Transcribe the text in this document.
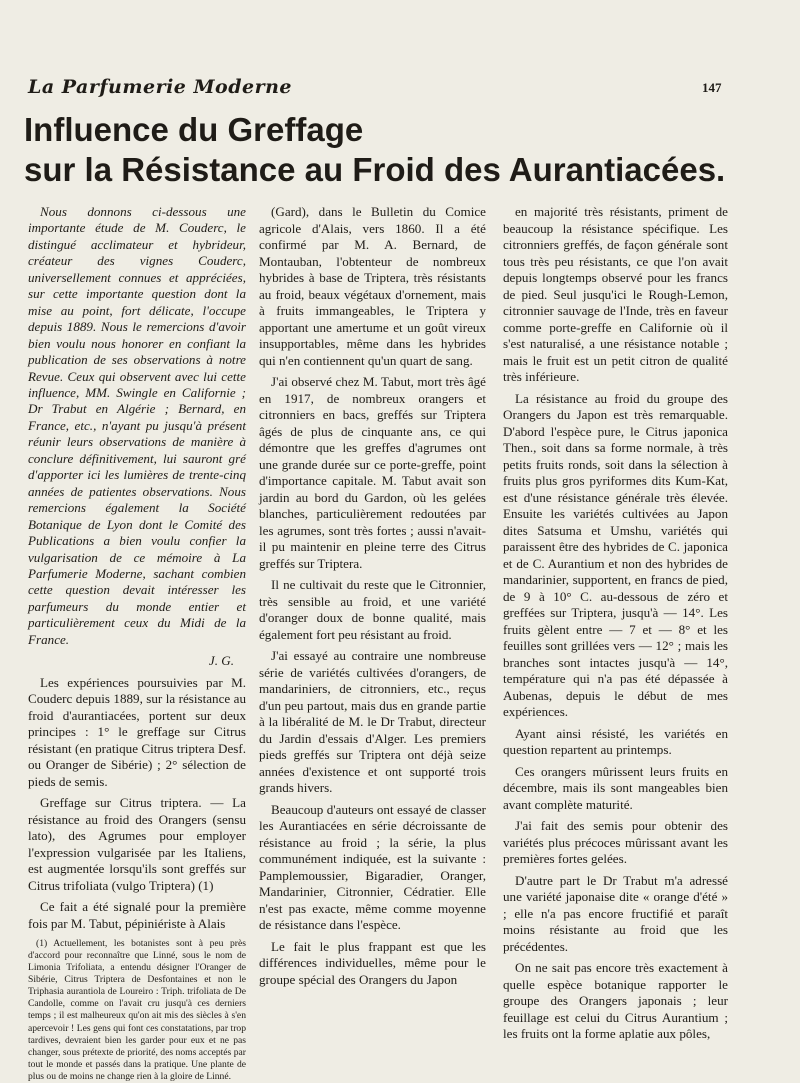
La Parfumerie Moderne	147
Influence du Greffage
sur la Résistance au Froid des Aurantiacées.

Nous donnons ci-dessous une importante étude de M. Couderc, le distingué acclimateur et hybrideur, créateur des vignes Couderc, universellement connues et appréciées, sur cette importante question dont la mise au point, fort délicate, l'occupe depuis 1889. Nous le remercions d'avoir bien voulu nous honorer en confiant la publication de ses observations à notre Revue. Ceux qui observent avec lui cette influence, MM. Swingle en Californie ; Dr Trabut en Algérie ; Bernard, en France, etc., n'ayant pu jusqu'à présent réunir leurs observations de manière à conclure définitivement, lui sauront gré d'apporter ici les lumières de trente-cinq années de patientes observations. Nous remercions également la Société Botanique de Lyon dont le Comité des Publications a bien voulu confier la vulgarisation de ce mémoire à La Parfumerie Moderne, sachant combien cette question devait intéresser les parfumeurs du monde entier et particulièrement ceux du Midi de la France.

J. G.

Les expériences poursuivies par M. Couderc depuis 1889, sur la résistance au froid d'aurantiacées, portent sur deux principes : 1° le greffage sur Citrus résistant (en pratique Citrus triptera Desf. ou Oranger de Sibérie) ; 2° sélection de pieds de semis.

Greffage sur Citrus triptera. — La résistance au froid des Orangers (sensu lato), des Agrumes pour employer l'expression vulgarisée par les Italiens, est augmentée lorsqu'ils sont greffés sur Citrus trifoliata (vulgo Triptera) (1)

Ce fait a été signalé pour la première fois par M. Tabut, pépiniériste à Alais

(1) Actuellement, les botanistes sont à peu près d'accord pour reconnaître que Linné, sous le nom de Limonia Trifoliata, a entendu désigner l'Oranger de Sibérie, Citrus Triptera de Desfontaines et non le Triphasia aurantiola de Loureiro : Triph. trifoliata de De Candolle, comme on l'avait cru jusqu'à ces derniers temps ; il est malheureux qu'on ait mis des siècles à s'en apercevoir ! Les gens qui font ces constatations, par trop tardives, devraient bien les garder pour eux et ne pas changer, sous prétexte de priorité, des noms acceptés par tout le monde et passés dans la pratique. Une plante de plus ou de moins ne change rien à la gloire de Linné.

(Gard), dans le Bulletin du Comice agricole d'Alais, vers 1860. Il a été confirmé par M. A. Bernard, de Montauban, l'obtenteur de nombreux hybrides à base de Triptera, très résistants au froid, beaux végétaux d'ornement, mais à fruits immangeables, le Triptera y apportant une amertume et un goût vireux insupportables, même dans les hybrides qui n'en contiennent qu'un quart de sang.

J'ai observé chez M. Tabut, mort très âgé en 1917, de nombreux orangers et citronniers en bacs, greffés sur Triptera âgés de plus de cinquante ans, ce qui démontre que les greffes d'agrumes ont une grande durée sur ce porte-greffe, point d'importance capitale. M. Tabut avait son jardin au bord du Gardon, où les gelées blanches, particulièrement redoutées par les agrumes, sont très fortes ; aussi n'avait-il pu maintenir en pleine terre des Citrus greffés sur Triptera.

Il ne cultivait du reste que le Citronnier, très sensible au froid, et une variété d'oranger doux de bonne qualité, mais également fort peu résistant au froid.

J'ai essayé au contraire une nombreuse série de variétés cultivées d'orangers, de mandariniers, de citronniers, etc., reçus d'un peu partout, mais dus en grande partie à la libéralité de M. le Dr Trabut, directeur du Jardin d'essais d'Alger. Les premiers pieds greffés sur Triptera ont déjà seize années d'existence et ont supporté trois grands hivers.

Beaucoup d'auteurs ont essayé de classer les Aurantiacées en série décroissante de résistance au froid ; la série, la plus communément indiquée, est la suivante : Pamplemoussier, Bigaradier, Oranger, Mandarinier, Citronnier, Cédratier. Elle n'est pas exacte, même comme moyenne de résistance dans l'espèce.

Le fait le plus frappant est que les différences individuelles, même pour le groupe spécial des Orangers du Japon

en majorité très résistants, priment de beaucoup la résistance spécifique. Les citronniers greffés, de façon générale sont tous très peu résistants, ce que l'on avait depuis longtemps observé pour les francs de pied. Seul jusqu'ici le Rough-Lemon, citronnier sauvage de l'Inde, très en faveur comme porte-greffe en Californie où il s'est naturalisé, a une résistance notable ; mais le fruit est un petit citron de qualité très inférieure.

La résistance au froid du groupe des Orangers du Japon est très remarquable. D'abord l'espèce pure, le Citrus japonica Then., soit dans sa forme normale, à très petits fruits ronds, soit dans la sélection à fruits plus gros pyriformes dits Kum-Kat, est d'une résistance générale très élevée. Ensuite les variétés cultivées au Japon dites Satsuma et Umshu, variétés qui paraissent être des hybrides de C. japonica et de C. Aurantium et non des hybrides de mandarinier, supportent, en francs de pied, de 9 à 10° C. au-dessous de zéro et greffées sur Triptera, jusqu'à — 14°. Les fruits gèlent entre — 7 et — 8° et les feuilles sont grillées vers — 12° ; mais les branches sont intactes jusqu'à — 14°, température qui n'a pas été dépassée à Aubenas, depuis le début de mes expériences.

Ayant ainsi résisté, les variétés en question repartent au printemps.

Ces orangers mûrissent leurs fruits en décembre, mais ils sont mangeables bien avant complète maturité.

J'ai fait des semis pour obtenir des variétés plus précoces mûrissant avant les premières fortes gelées.

D'autre part le Dr Trabut m'a adressé une variété japonaise dite « orange d'été » ; elle n'a pas encore fructifié et paraît moins résistante au froid que les précédentes.

On ne sait pas encore très exactement à quelle espèce botanique rapporter le groupe des Orangers japonais ; leur feuillage est celui du Citrus Aurantium ; les fruits ont la forme aplatie aux pôles,
